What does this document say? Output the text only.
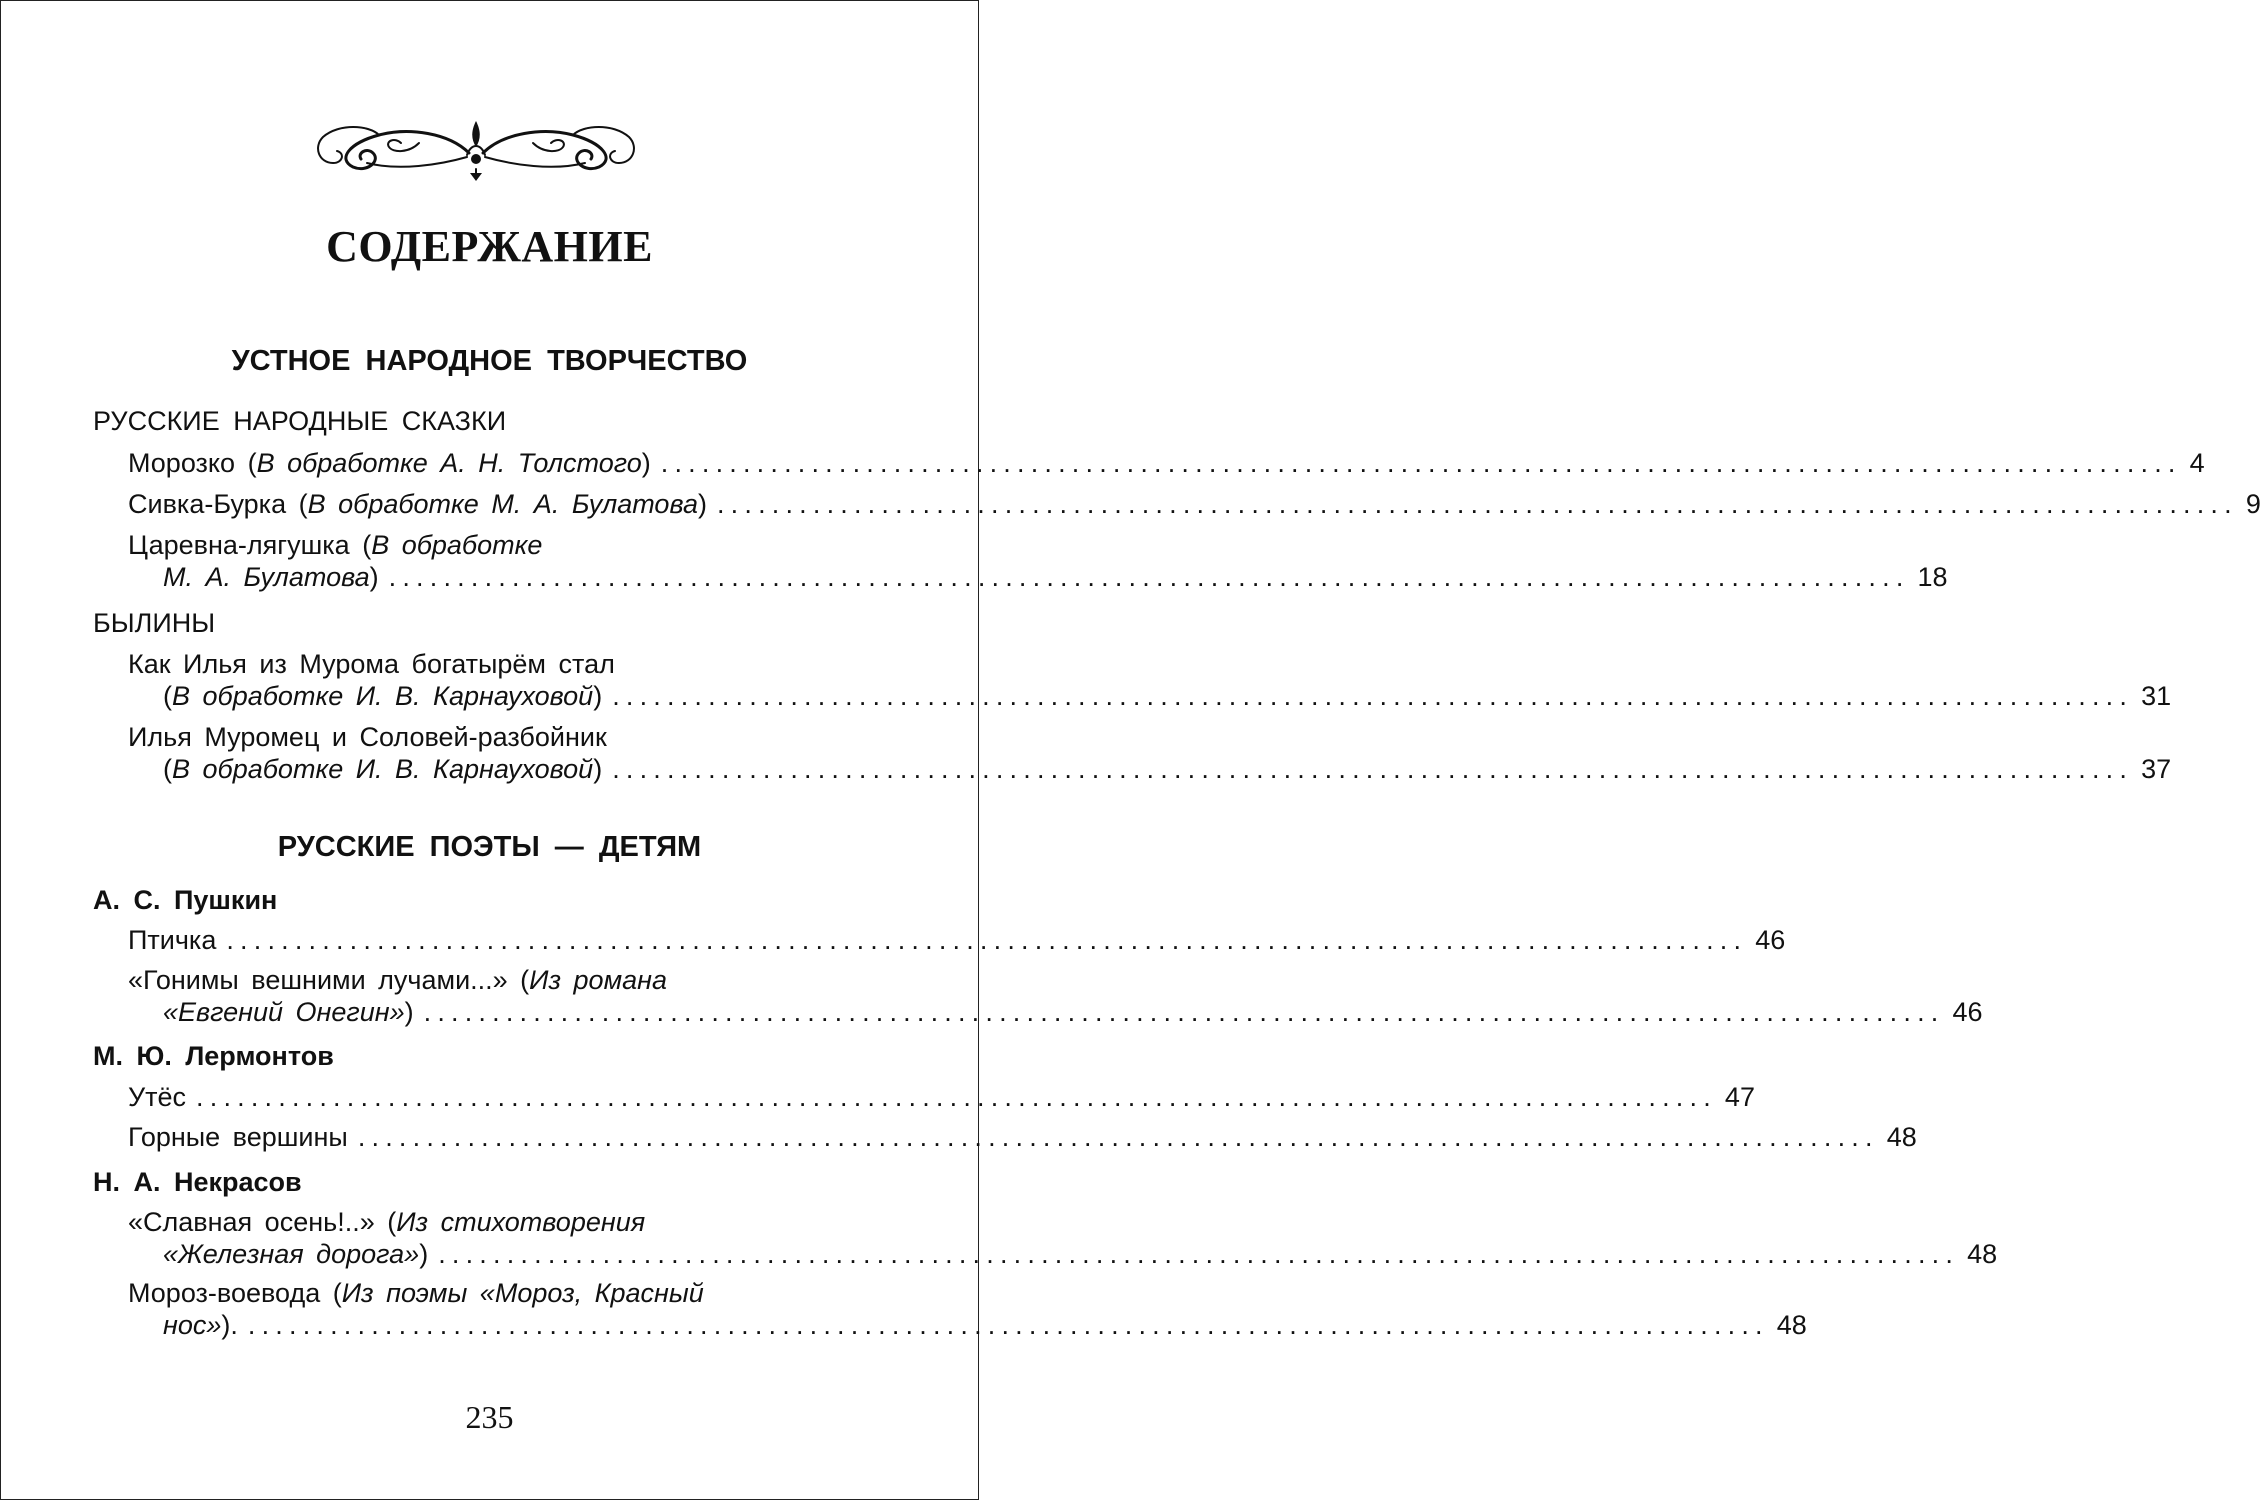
СОДЕРЖАНИЕ
УСТНОЕ НАРОДНОЕ ТВОРЧЕСТВО
РУССКИЕ НАРОДНЫЕ СКАЗКИ
Морозко (В обработке А. Н. Толстого) ............................................................................................................... 4
Сивка-Бурка (В обработке М. А. Булатова) ............................................................................................................... 9
Царевна-лягушка (В обработке
М. А. Булатова) ............................................................................................................... 18
БЫЛИНЫ
Как Илья из Мурома богатырём стал
(В обработке И. В. Карнауховой) ............................................................................................................... 31
Илья Муромец и Соловей-разбойник
(В обработке И. В. Карнауховой) ............................................................................................................... 37
РУССКИЕ ПОЭТЫ — ДЕТЯМ
А. С. Пушкин
Птичка ............................................................................................................... 46
«Гонимы вешними лучами...» (Из романа
«Евгений Онегин») ............................................................................................................... 46
М. Ю. Лермонтов
Утёс ............................................................................................................... 47
Горные вершины ............................................................................................................... 48
Н. А. Некрасов
«Славная осень!..» (Из стихотворения
«Железная дорога») ............................................................................................................... 48
Мороз-воевода (Из поэмы «Мороз, Красный
нос»). ............................................................................................................... 48
235
